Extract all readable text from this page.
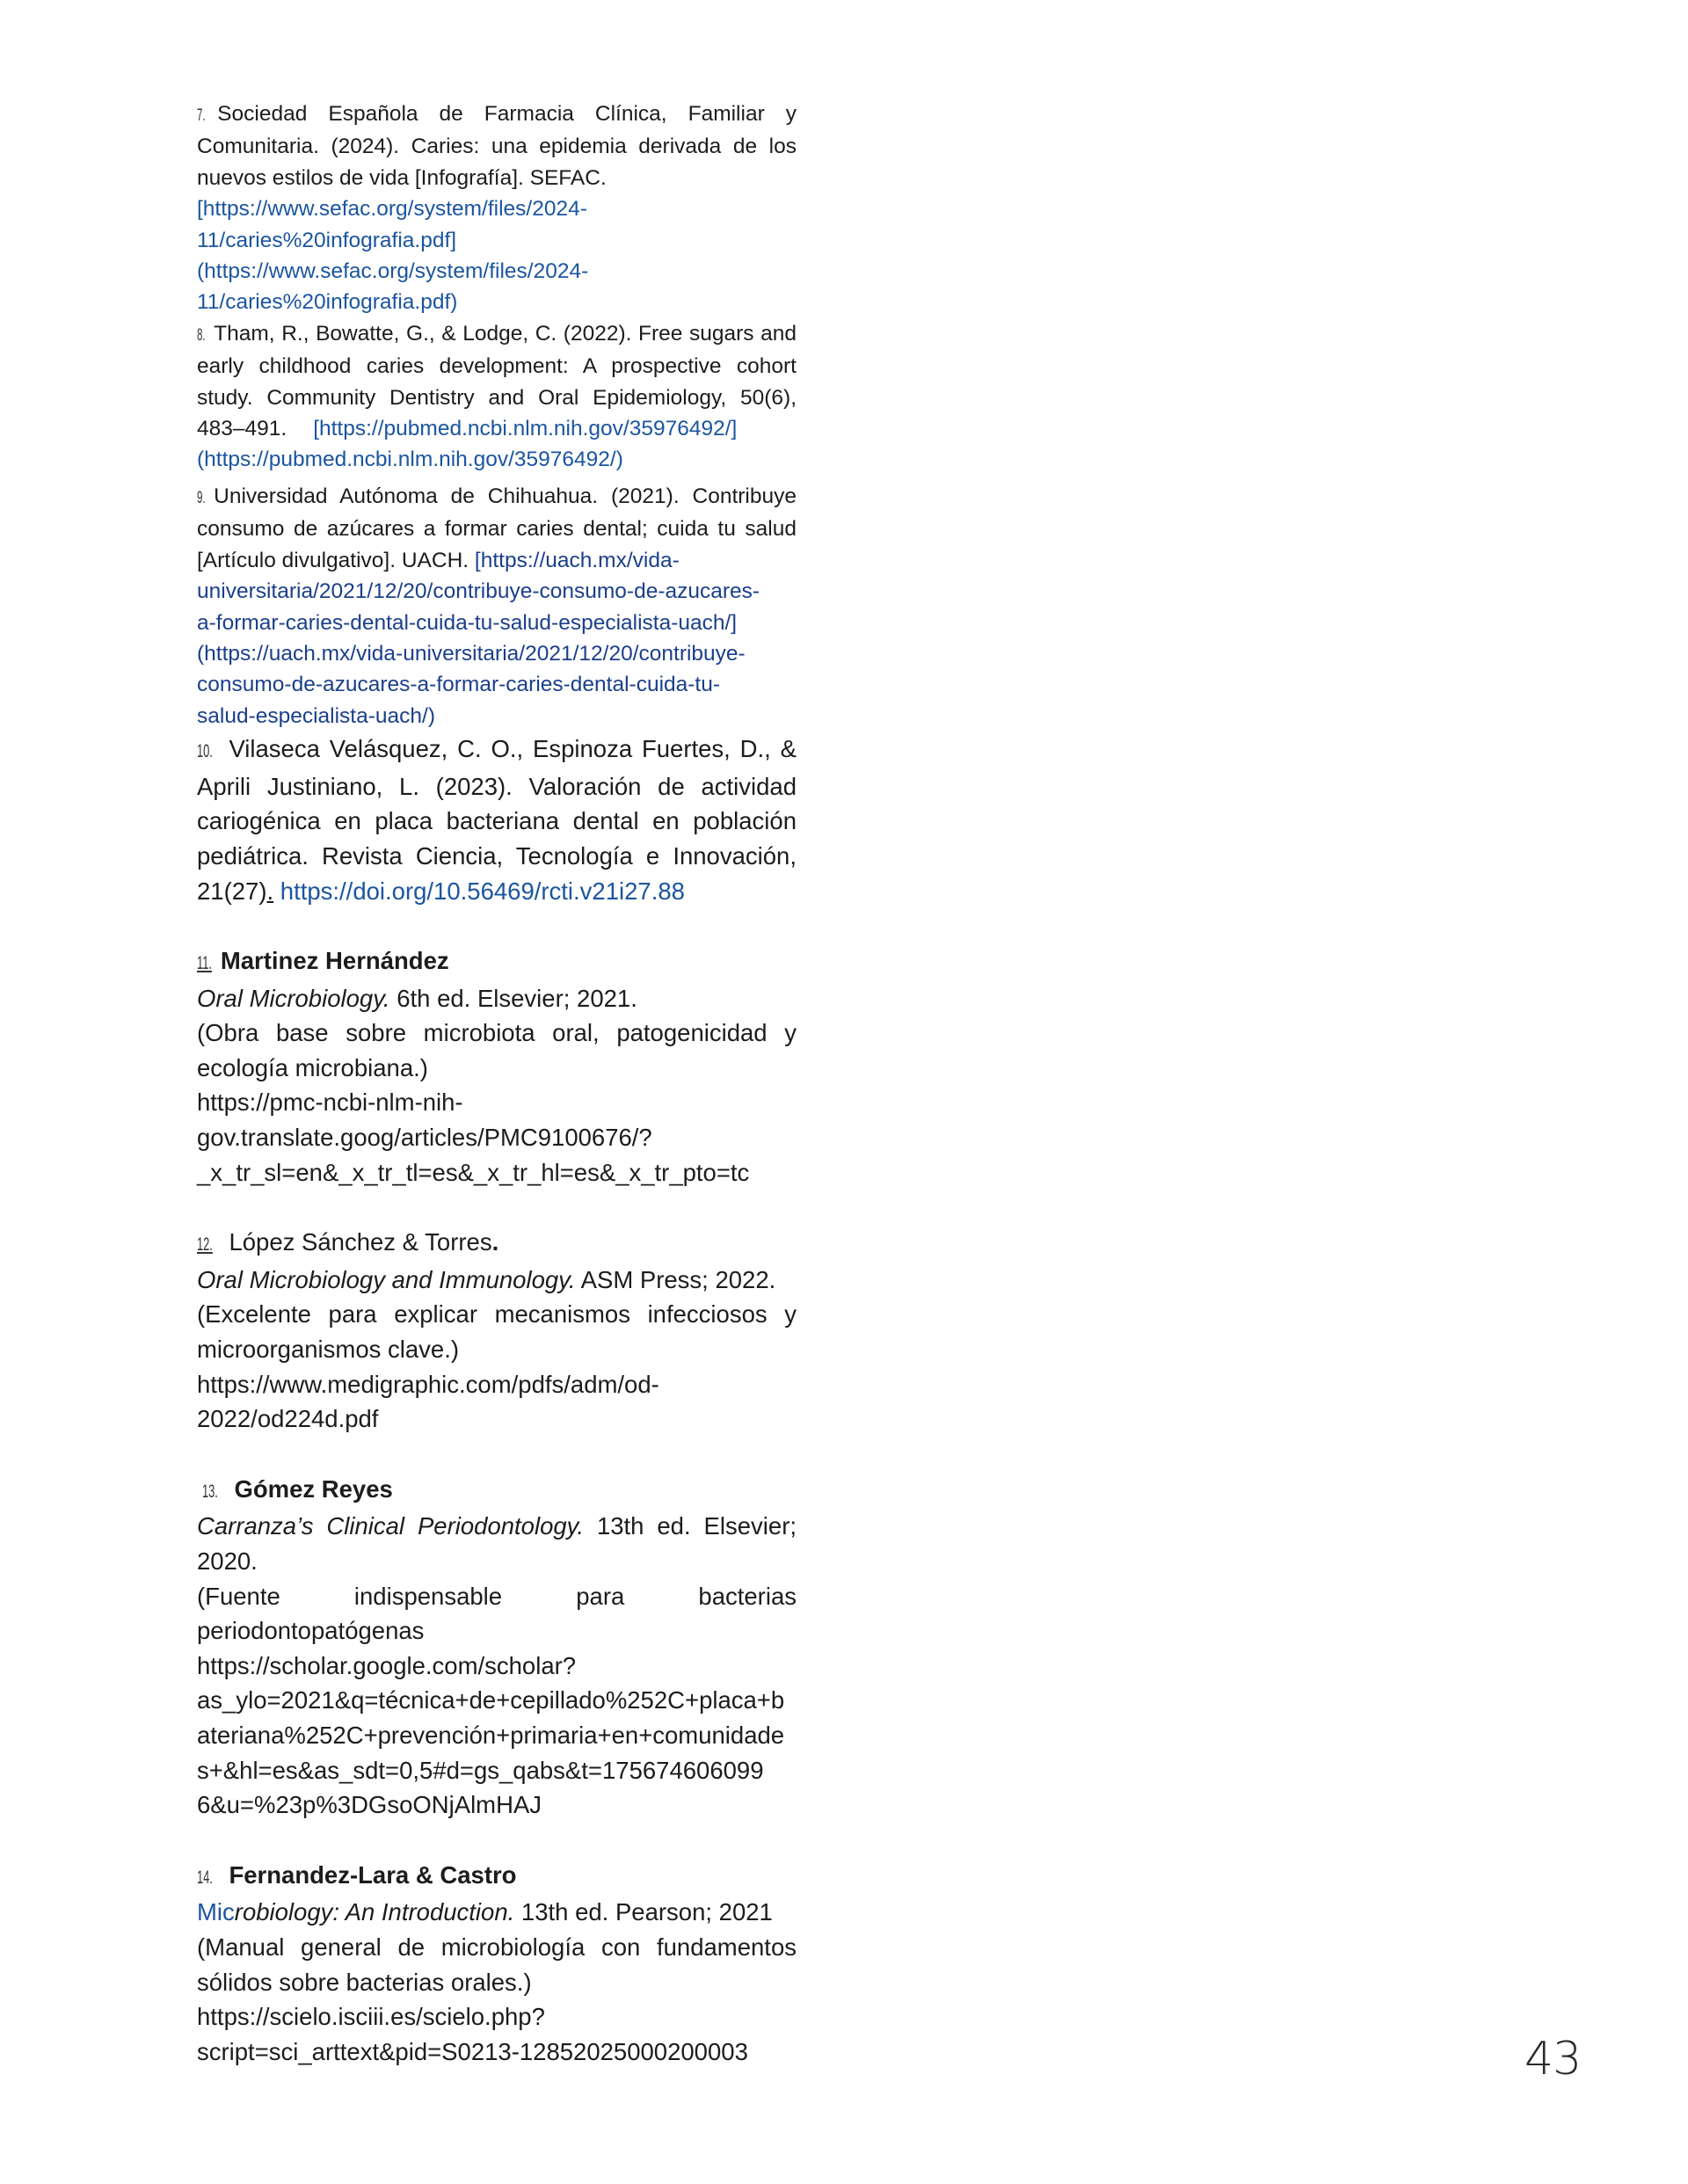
7. Sociedad Española de Farmacia Clínica, Familiar y Comunitaria. (2024). Caries: una epidemia derivada de los nuevos estilos de vida [Infografía]. SEFAC.

[https://www.sefac.org/system/files/2024-
11/caries%20infografia.pdf]
(https://www.sefac.org/system/files/2024-
11/caries%20infografia.pdf)

8. Tham, R., Bowatte, G., & Lodge, C. (2022). Free sugars and early childhood caries development: A prospective cohort study. Community Dentistry and Oral Epidemiology, 50(6), 483–491. [https://pubmed.ncbi.nlm.nih.gov/35976492/]

(https://pubmed.ncbi.nlm.nih.gov/35976492/)

9. Universidad Autónoma de Chihuahua. (2021). Contribuye consumo de azúcares a formar caries dental; cuida tu salud [Artículo divulgativo]. UACH. [https://uach.mx/vida-

universitaria/2021/12/20/contribuye-consumo-de-azucares-
a-formar-caries-dental-cuida-tu-salud-especialista-uach/]
(https://uach.mx/vida-universitaria/2021/12/20/contribuye-
consumo-de-azucares-a-formar-caries-dental-cuida-tu-
salud-especialista-uach/)

10. Vilaseca Velásquez, C. O., Espinoza Fuertes, D., & Aprili Justiniano, L. (2023). Valoración de actividad cariogénica en placa bacteriana dental en población pediátrica. Revista Ciencia, Tecnología e Innovación, 21(27). https://doi.org/10.56469/rcti.v21i27.88

11. Martinez Hernández
Oral Microbiology. 6th ed. Elsevier; 2021.

(Obra base sobre microbiota oral, patogenicidad y ecología microbiana.)

https://pmc-ncbi-nlm-nih-
gov.translate.goog/articles/PMC9100676/?
_x_tr_sl=en&_x_tr_tl=es&_x_tr_hl=es&_x_tr_pto=tc
12. López Sánchez & Torres.
Oral Microbiology and Immunology. ASM Press; 2022.

(Excelente para explicar mecanismos infecciosos y microorganismos clave.)

https://www.medigraphic.com/pdfs/adm/od-
2022/od224d.pdf
13. Gómez Reyes

Carranza’s Clinical Periodontology. 13th ed. Elsevier; 2020.

(Fuente indispensable para bacterias periodontopatógenas

https://scholar.google.com/scholar?
as_ylo=2021&q=técnica+de+cepillado%252C+placa+b
ateriana%252C+prevención+primaria+en+comunidade
s+&hl=es&as_sdt=0,5#d=gs_qabs&t=175674606099
6&u=%23p%3DGsoONjAlmHAJ
14. Fernandez-Lara & Castro
Microbiology: An Introduction. 13th ed. Pearson; 2021

(Manual general de microbiología con fundamentos sólidos sobre bacterias orales.)

https://scielo.isciii.es/scielo.php?
script=sci_arttext&pid=S0213-12852025000200003	43
